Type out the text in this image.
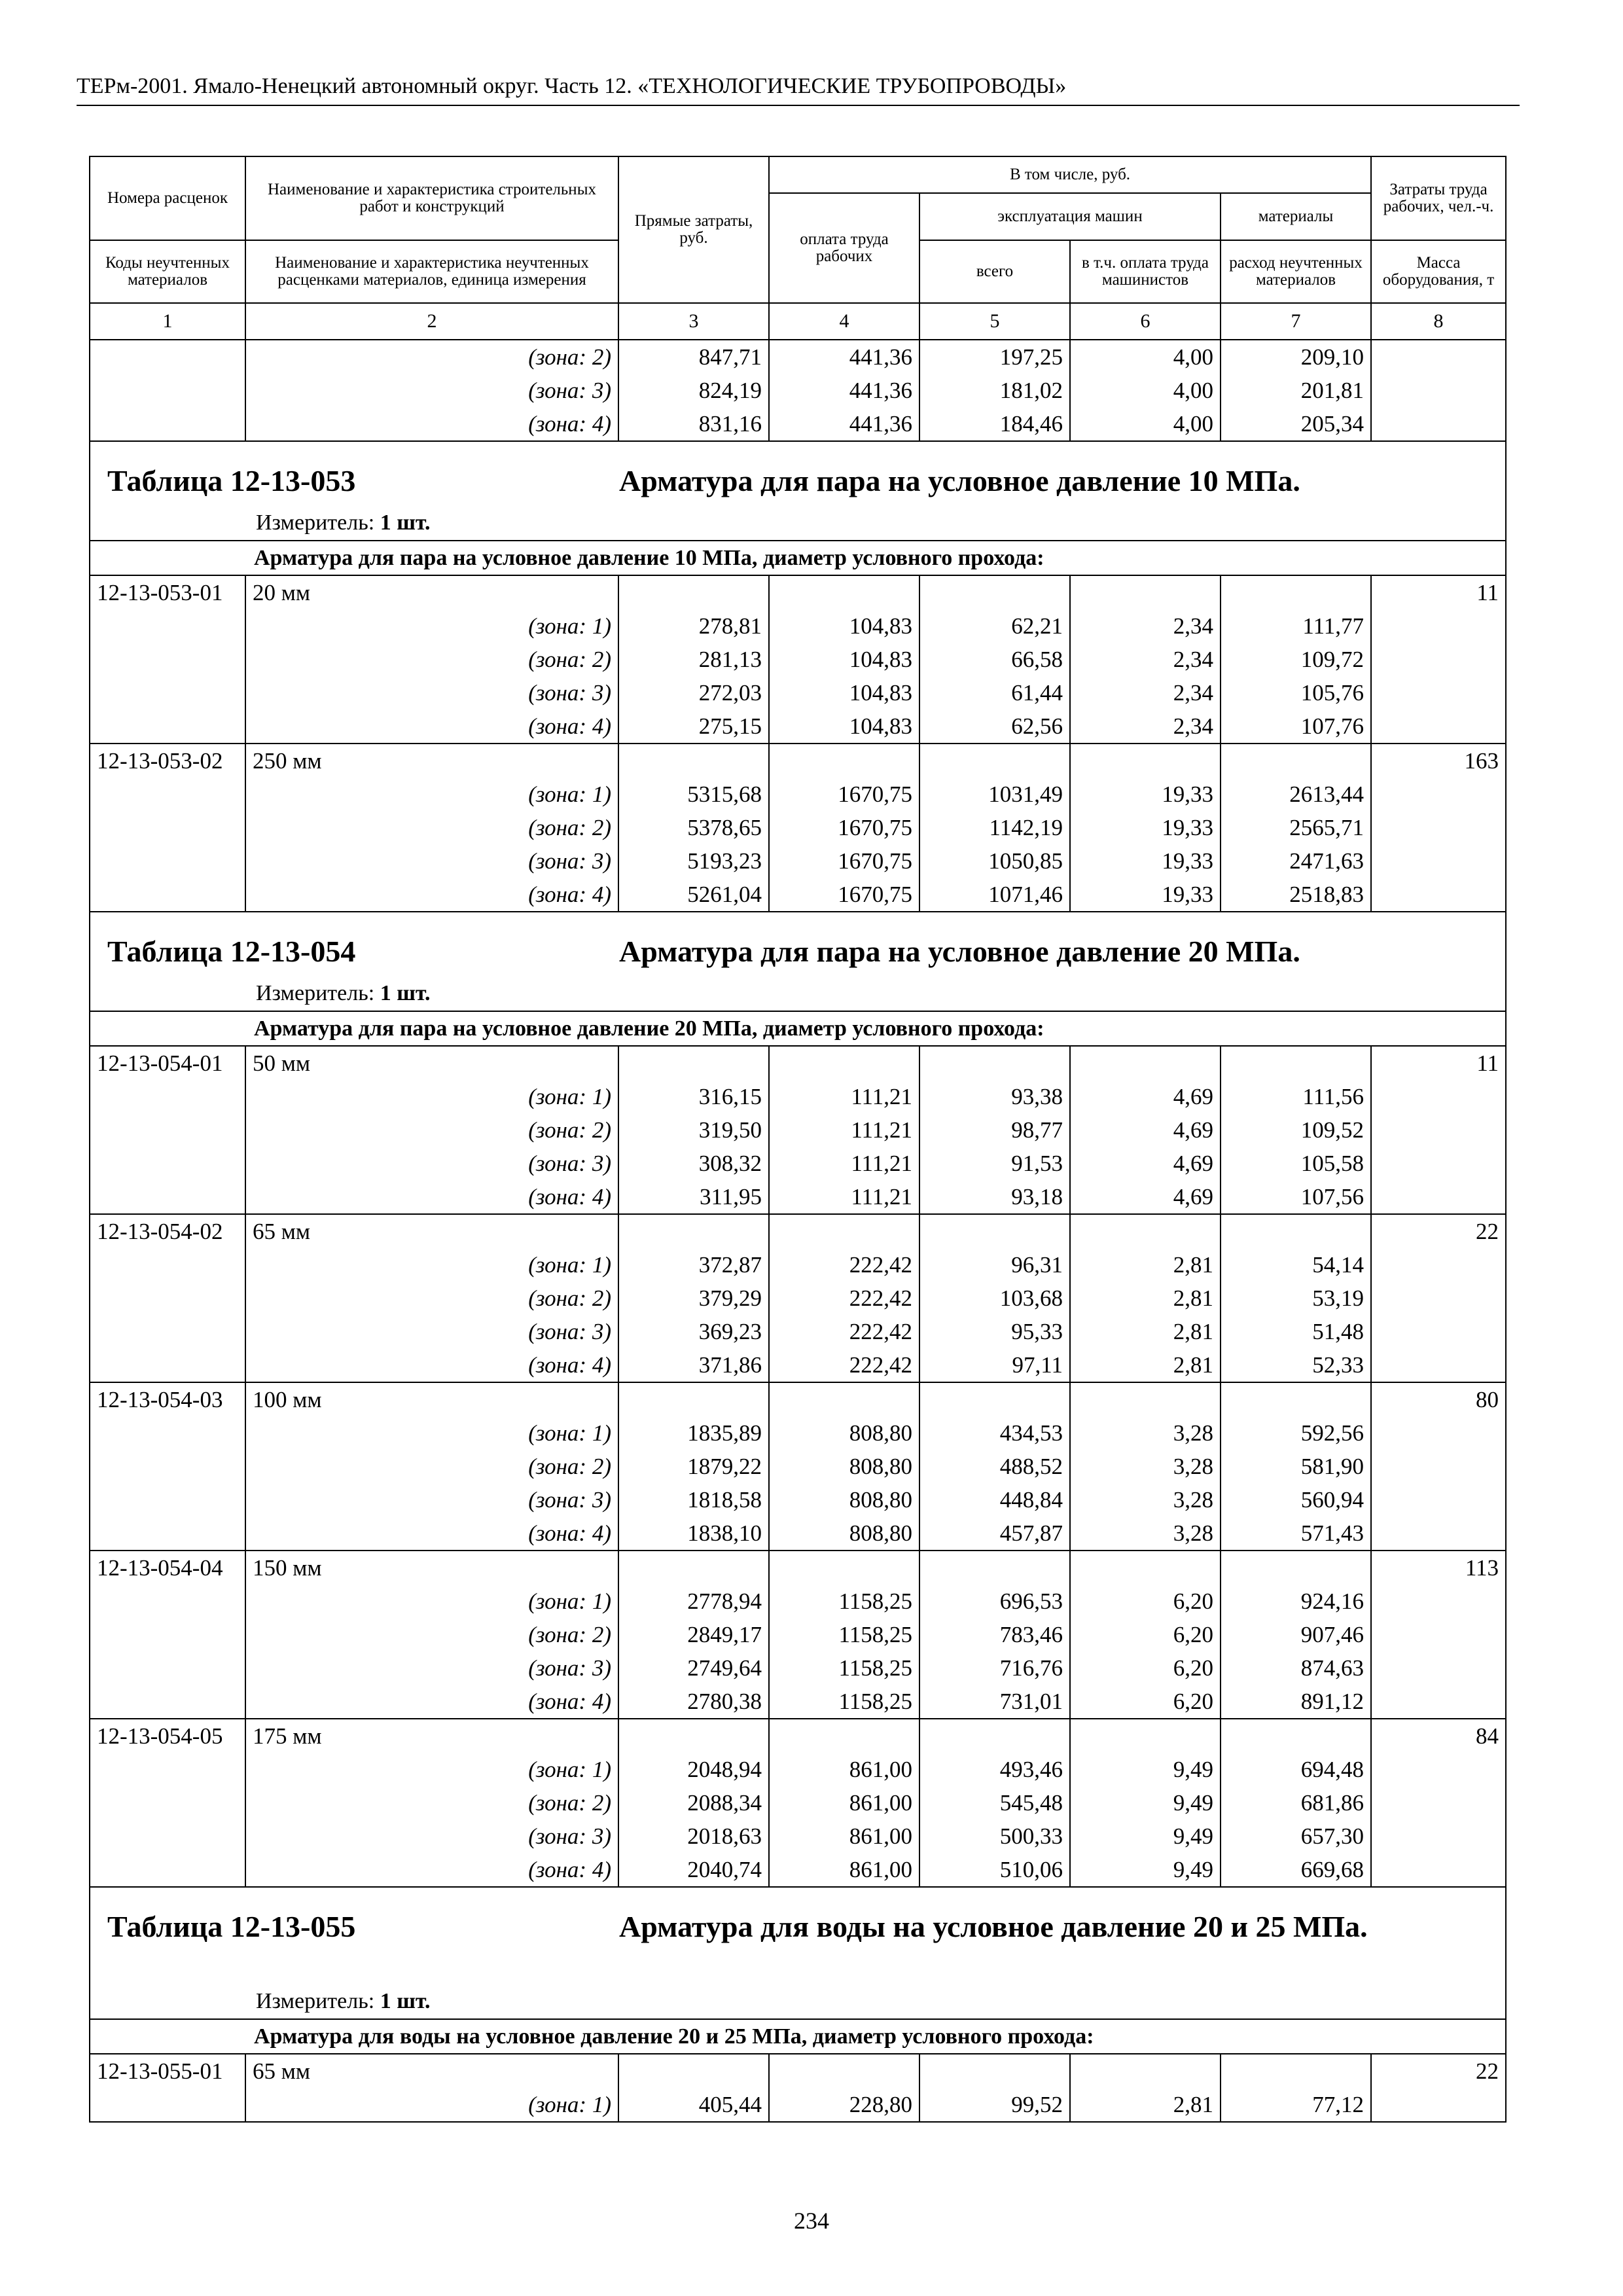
ТЕРм-2001. Ямало-Ненецкий автономный округ. Часть 12. «ТЕХНОЛОГИЧЕСКИЕ ТРУБОПРОВОДЫ»
Номера расценок	Наименование и характеристика строительных работ и конструкций	Прямые затраты, руб.	В том числе, руб.				Затраты труда рабочих, чел.-ч.
			оплата труда рабочих	эксплуатация машин		материалы	
Коды неучтенных материалов	Наименование и характеристика неучтенных расценками материалов, единица измерения			всего	в т.ч. оплата труда машинистов	расход неучтенных материалов	Масса оборудования, т
1	2	3	4	5	6	7	8
	(зона: 2)	847,71	441,36	197,25	4,00	209,10	
	(зона: 3)	824,19	441,36	181,02	4,00	201,81	
	(зона: 4)	831,16	441,36	184,46	4,00	205,34	

Таблица 12-13-053 Арматура для пара на условное давление 10 МПа.
Измеритель: 1 шт.							

Арматура для пара на условное давление 10 МПа, диаметр условного прохода:							
12-13-053-01	20 мм						11
	(зона: 1)	278,81	104,83	62,21	2,34	111,77	
	(зона: 2)	281,13	104,83	66,58	2,34	109,72	
	(зона: 3)	272,03	104,83	61,44	2,34	105,76	
	(зона: 4)	275,15	104,83	62,56	2,34	107,76	
12-13-053-02	250 мм						163
	(зона: 1)	5315,68	1670,75	1031,49	19,33	2613,44	
	(зона: 2)	5378,65	1670,75	1142,19	19,33	2565,71	
	(зона: 3)	5193,23	1670,75	1050,85	19,33	2471,63	
	(зона: 4)	5261,04	1670,75	1071,46	19,33	2518,83	

Таблица 12-13-054 Арматура для пара на условное давление 20 МПа.
Измеритель: 1 шт.							

Арматура для пара на условное давление 20 МПа, диаметр условного прохода:							
12-13-054-01	50 мм						11
	(зона: 1)	316,15	111,21	93,38	4,69	111,56	
	(зона: 2)	319,50	111,21	98,77	4,69	109,52	
	(зона: 3)	308,32	111,21	91,53	4,69	105,58	
	(зона: 4)	311,95	111,21	93,18	4,69	107,56	
12-13-054-02	65 мм						22
	(зона: 1)	372,87	222,42	96,31	2,81	54,14	
	(зона: 2)	379,29	222,42	103,68	2,81	53,19	
	(зона: 3)	369,23	222,42	95,33	2,81	51,48	
	(зона: 4)	371,86	222,42	97,11	2,81	52,33	
12-13-054-03	100 мм						80
	(зона: 1)	1835,89	808,80	434,53	3,28	592,56	
	(зона: 2)	1879,22	808,80	488,52	3,28	581,90	
	(зона: 3)	1818,58	808,80	448,84	3,28	560,94	
	(зона: 4)	1838,10	808,80	457,87	3,28	571,43	
12-13-054-04	150 мм						113
	(зона: 1)	2778,94	1158,25	696,53	6,20	924,16	
	(зона: 2)	2849,17	1158,25	783,46	6,20	907,46	
	(зона: 3)	2749,64	1158,25	716,76	6,20	874,63	
	(зона: 4)	2780,38	1158,25	731,01	6,20	891,12	
12-13-054-05	175 мм						84
	(зона: 1)	2048,94	861,00	493,46	9,49	694,48	
	(зона: 2)	2088,34	861,00	545,48	9,49	681,86	
	(зона: 3)	2018,63	861,00	500,33	9,49	657,30	
	(зона: 4)	2040,74	861,00	510,06	9,49	669,68	

Таблица 12-13-055 Арматура для воды на условное давление 20 и 25 МПа.
Измеритель: 1 шт.							

Арматура для воды на условное давление 20 и 25 МПа, диаметр условного прохода:							
12-13-055-01	65 мм						22
	(зона: 1)	405,44	228,80	99,52	2,81	77,12	
234
